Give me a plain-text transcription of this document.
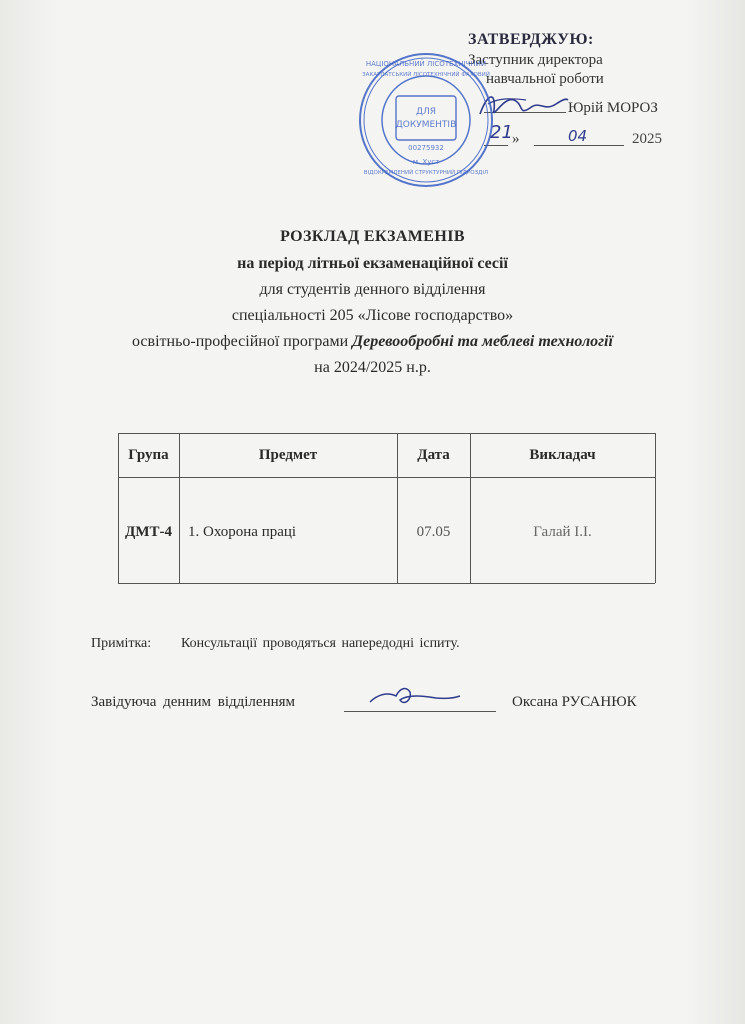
ЗАТВЕРДЖУЮ:
Заступник директора
навчальної роботи
Юрій МОРОЗ
21 »	04	2025
НАЦІОНАЛЬНИЙ ЛІСОТЕХНІЧНИЙ
ЗАКАРПАТСЬКИЙ ЛІСОТЕХНІЧНИЙ ФАХОВИЙ
ВІДОКРЕМЛЕНИЙ СТРУКТУРНИЙ ПІДРОЗДІЛ
ДЛЯ
ДОКУМЕНТІВ
00275932
м. Хуст
РОЗКЛАД ЕКЗАМЕНІВ
на період літньої екзаменаційної сесії
для студентів денного відділення
спеціальності 205 «Лісове господарство»
освітньо-професійної програми Деревообробні та меблеві технології
на 2024/2025 н.р.
Група	Предмет	Дата	Викладач
ДМТ-4	1. Охорона праці	07.05	Галай І.І.
Примітка: Консультації проводяться напередодні іспиту.
Завідуюча денним відділенням	Оксана РУСАНЮК
